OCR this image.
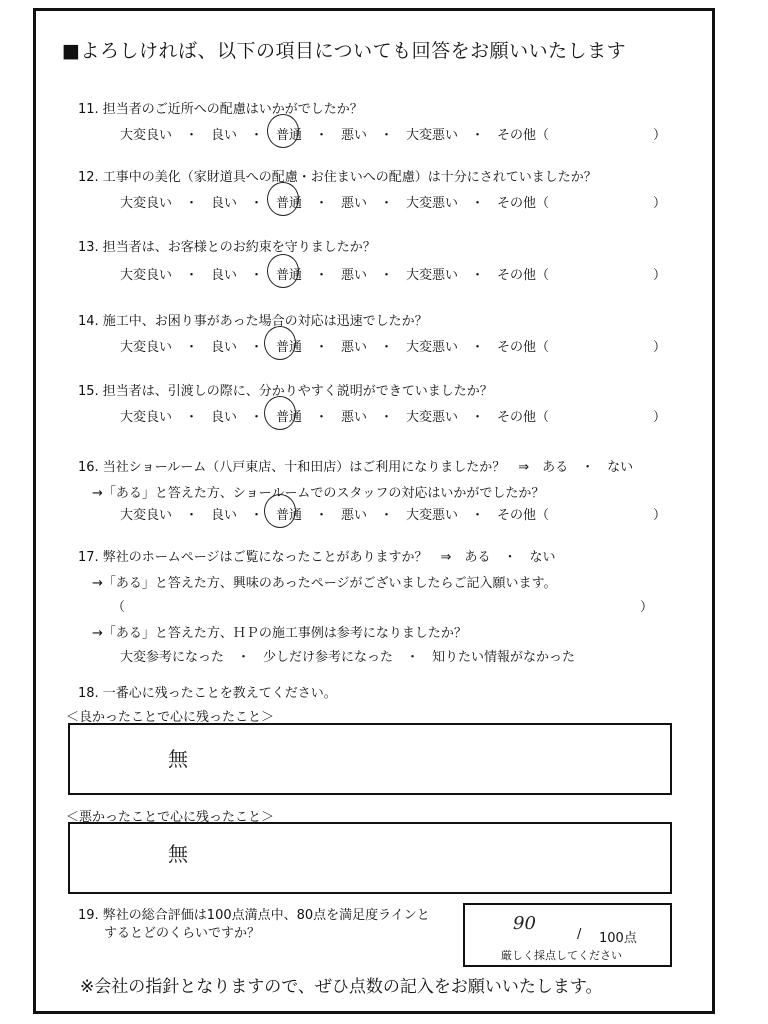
■よろしければ、以下の項目についても回答をお願いいたします
11. 担当者のご近所への配慮はいかがでしたか？
大変良い　・　良い　・　普通　・　悪い　・　大変悪い　・　その他（　　　　　　　　）
12. 工事中の美化（家財道具への配慮・お住まいへの配慮）は十分にされていましたか？
大変良い　・　良い　・　普通　・　悪い　・　大変悪い　・　その他（　　　　　　　　）
13. 担当者は、お客様とのお約束を守りましたか？
大変良い　・　良い　・　普通　・　悪い　・　大変悪い　・　その他（　　　　　　　　）
14. 施工中、お困り事があった場合の対応は迅速でしたか？
大変良い　・　良い　・　普通　・　悪い　・　大変悪い　・　その他（　　　　　　　　）
15. 担当者は、引渡しの際に、分かりやすく説明ができていましたか？
大変良い　・　良い　・　普通　・　悪い　・　大変悪い　・　その他（　　　　　　　　）
16. 当社ショールーム（八戸東店、十和田店）はご利用になりましたか？　⇒　ある　・　ない
→「ある」と答えた方、ショールームでのスタッフの対応はいかがでしたか？
大変良い　・　良い　・　普通　・　悪い　・　大変悪い　・　その他（　　　　　　　　）
17. 弊社のホームページはご覧になったことがありますか？　⇒　ある　・　ない
→「ある」と答えた方、興味のあったページがございましたらご記入願います。
（	）
→「ある」と答えた方、ＨＰの施工事例は参考になりましたか？
大変参考になった　・　少しだけ参考になった　・　知りたい情報がなかった
18. 一番心に残ったことを教えてください。
＜良かったことで心に残ったこと＞
無
＜悪かったことで心に残ったこと＞
無
19. 弊社の総合評価は100点満点中、80点を満足度ラインと
　　するとどのくらいですか？	90
/ 100点
厳しく採点してください
※会社の指針となりますので、ぜひ点数の記入をお願いいたします。
